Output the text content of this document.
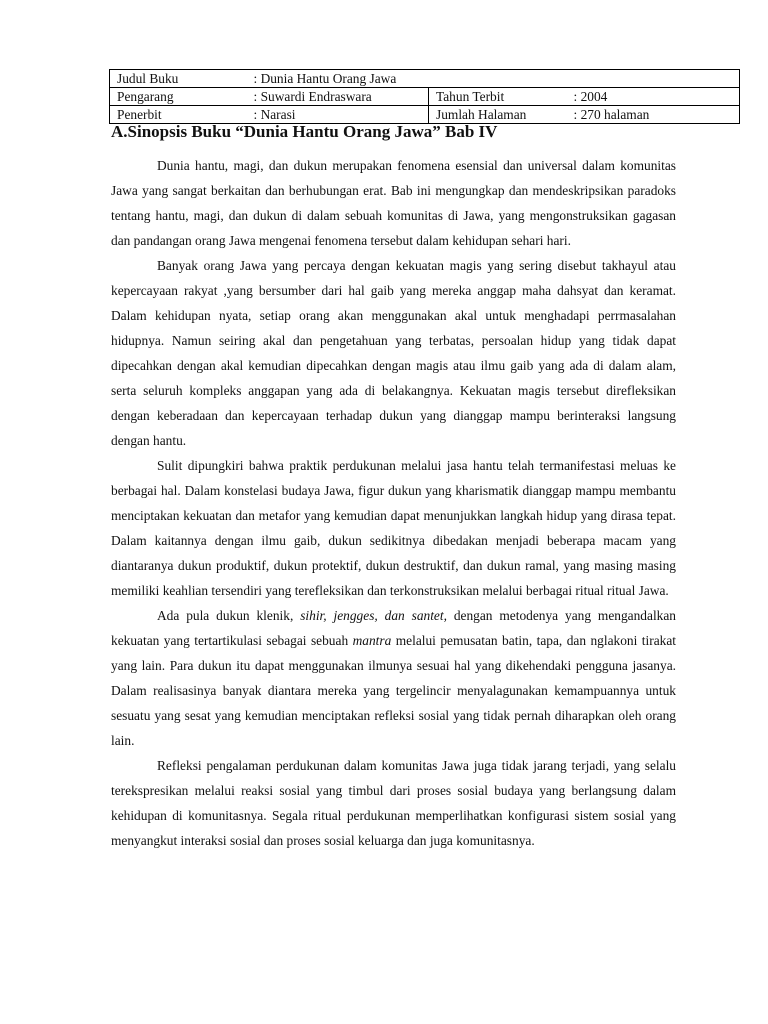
Judul Buku	: Dunia Hantu Orang Jawa		
Pengarang	: Suwardi Endraswara	Tahun Terbit	: 2004
Penerbit	: Narasi	Jumlah Halaman	: 270 halaman
A.Sinopsis Buku “Dunia Hantu Orang Jawa” Bab IV

Dunia hantu, magi, dan dukun merupakan fenomena esensial dan universal dalam komunitas Jawa yang sangat berkaitan dan berhubungan erat. Bab ini mengungkap dan mendeskripsikan paradoks tentang hantu, magi, dan dukun di dalam sebuah komunitas di Jawa, yang mengonstruksikan gagasan dan pandangan orang Jawa mengenai fenomena tersebut dalam kehidupan sehari hari.

Banyak orang Jawa yang percaya dengan kekuatan magis yang sering disebut takhayul atau kepercayaan rakyat ,yang bersumber dari hal gaib yang mereka anggap maha dahsyat dan keramat. Dalam kehidupan nyata, setiap orang akan menggunakan akal untuk menghadapi perrmasalahan hidupnya. Namun seiring akal dan pengetahuan yang terbatas, persoalan hidup yang tidak dapat dipecahkan dengan akal kemudian dipecahkan dengan magis atau ilmu gaib yang ada di dalam alam, serta seluruh kompleks anggapan yang ada di belakangnya. Kekuatan magis tersebut direfleksikan dengan keberadaan dan kepercayaan terhadap dukun yang dianggap mampu berinteraksi langsung dengan hantu.

Sulit dipungkiri bahwa praktik perdukunan melalui jasa hantu telah termanifestasi meluas ke berbagai hal. Dalam konstelasi budaya Jawa, figur dukun yang kharismatik dianggap mampu membantu menciptakan kekuatan dan metafor yang kemudian dapat menunjukkan langkah hidup yang dirasa tepat. Dalam kaitannya dengan ilmu gaib, dukun sedikitnya dibedakan menjadi beberapa macam yang diantaranya dukun produktif, dukun protektif, dukun destruktif, dan dukun ramal, yang masing masing memiliki keahlian tersendiri yang terefleksikan dan terkonstruksikan melalui berbagai ritual ritual Jawa.

Ada pula dukun klenik, sihir, jengges, dan santet, dengan metodenya yang mengandalkan kekuatan yang tertartikulasi sebagai sebuah mantra melalui pemusatan batin, tapa, dan nglakoni tirakat yang lain. Para dukun itu dapat menggunakan ilmunya sesuai hal yang dikehendaki pengguna jasanya. Dalam realisasinya banyak diantara mereka yang tergelincir menyalagunakan kemampuannya untuk sesuatu yang sesat yang kemudian menciptakan refleksi sosial yang tidak pernah diharapkan oleh orang lain.

Refleksi pengalaman perdukunan dalam komunitas Jawa juga tidak jarang terjadi, yang selalu terekspresikan melalui reaksi sosial yang timbul dari proses sosial budaya yang berlangsung dalam kehidupan di komunitasnya. Segala ritual perdukunan memperlihatkan konfigurasi sistem sosial yang menyangkut interaksi sosial dan proses sosial keluarga dan juga komunitasnya.
